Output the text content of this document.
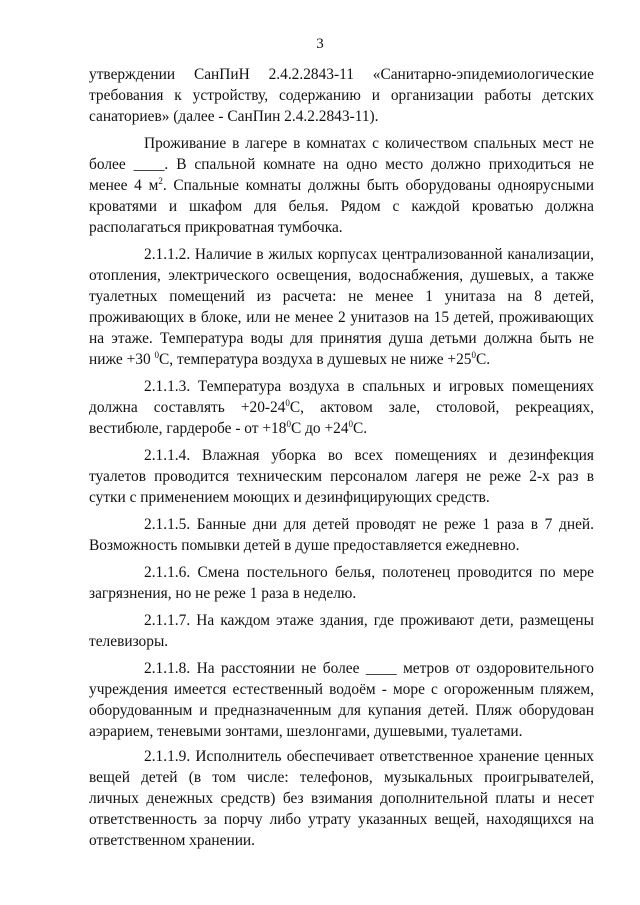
3

утверждении СанПиН 2.4.2.2843-11 «Санитарно-эпидемиологические требования к устройству, содержанию и организации работы детских санаториев» (далее - СанПин 2.4.2.2843-11).

Проживание в лагере в комнатах с количеством спальных мест не более ____. В спальной комнате на одно место должно приходиться не менее 4 $м^2$. Спальные комнаты должны быть оборудованы одноярусными кроватями и шкафом для белья. Рядом с каждой кроватью должна располагаться прикроватная тумбочка.

2.1.1.2. Наличие в жилых корпусах централизованной канализации, отопления, электрического освещения, водоснабжения, душевых, а также туалетных помещений из расчета: не менее 1 унитаза на 8 детей, проживающих в блоке, или не менее 2 унитазов на 15 детей, проживающих на этаже. Температура воды для принятия душа детьми должна быть не ниже +30 $^0$С, температура воздуха в душевых не ниже $+25^0С$.

2.1.1.3. Температура воздуха в спальных и игровых помещениях должна составлять $+20-24^0С$, актовом зале, столовой, рекреациях, вестибюле, гардеробе - от $+18^0С$ до $+24^0С$.

2.1.1.4. Влажная уборка во всех помещениях и дезинфекция туалетов проводится техническим персоналом лагеря не реже 2-х раз в сутки с применением моющих и дезинфицирующих средств.

2.1.1.5. Банные дни для детей проводят не реже 1 раза в 7 дней. Возможность помывки детей в душе предоставляется ежедневно.

2.1.1.6. Смена постельного белья, полотенец проводится по мере загрязнения, но не реже 1 раза в неделю.

2.1.1.7. На каждом этаже здания, где проживают дети, размещены телевизоры.

2.1.1.8. На расстоянии не более ____ метров от оздоровительного учреждения имеется естественный водоём - море с огороженным пляжем, оборудованным и предназначенным для купания детей. Пляж оборудован аэрарием, теневыми зонтами, шезлонгами, душевыми, туалетами.

2.1.1.9. Исполнитель обеспечивает ответственное хранение ценных вещей детей (в том числе: телефонов, музыкальных проигрывателей, личных денежных средств) без взимания дополнительной платы и несет ответственность за порчу либо утрату указанных вещей, находящихся на ответственном хранении.
